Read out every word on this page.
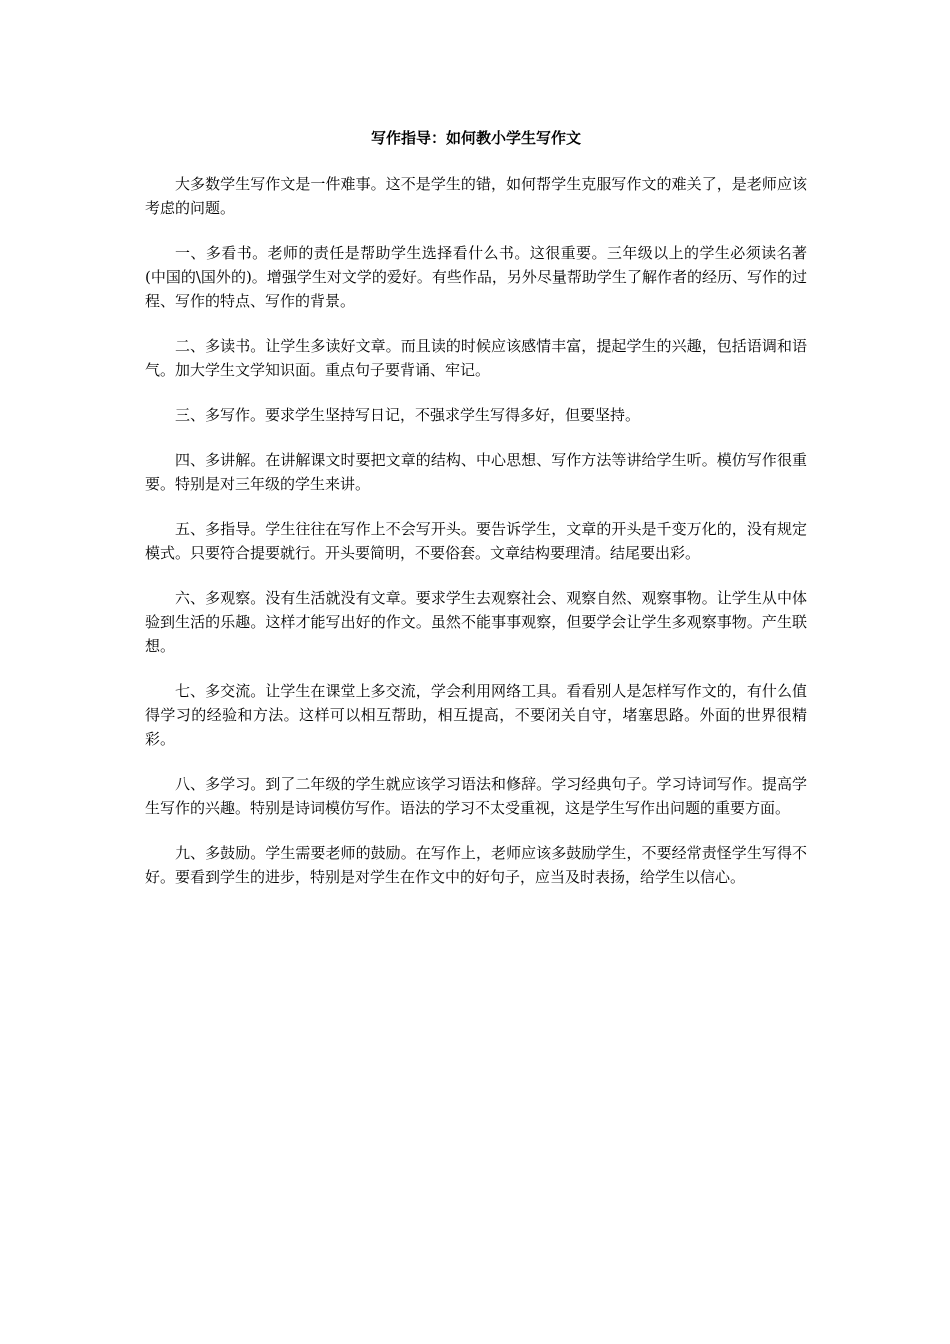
写作指导：如何教小学生写作文

大多数学生写作文是一件难事。这不是学生的错，如何帮学生克服写作文的难关了，是老师应该考虑的问题。

一、多看书。老师的责任是帮助学生选择看什么书。这很重要。三年级以上的学生必须读名著(中国的\国外的)。增强学生对文学的爱好。有些作品，另外尽量帮助学生了解作者的经历、写作的过程、写作的特点、写作的背景。

二、多读书。让学生多读好文章。而且读的时候应该感情丰富，提起学生的兴趣，包括语调和语气。加大学生文学知识面。重点句子要背诵、牢记。

三、多写作。要求学生坚持写日记，不强求学生写得多好，但要坚持。

四、多讲解。在讲解课文时要把文章的结构、中心思想、写作方法等讲给学生听。模仿写作很重要。特别是对三年级的学生来讲。

五、多指导。学生往往在写作上不会写开头。要告诉学生，文章的开头是千变万化的，没有规定模式。只要符合提要就行。开头要简明，不要俗套。文章结构要理清。结尾要出彩。

六、多观察。没有生活就没有文章。要求学生去观察社会、观察自然、观察事物。让学生从中体验到生活的乐趣。这样才能写出好的作文。虽然不能事事观察，但要学会让学生多观察事物。产生联想。

七、多交流。让学生在课堂上多交流，学会利用网络工具。看看别人是怎样写作文的，有什么值得学习的经验和方法。这样可以相互帮助，相互提高，不要闭关自守，堵塞思路。外面的世界很精彩。

八、多学习。到了二年级的学生就应该学习语法和修辞。学习经典句子。学习诗词写作。提高学生写作的兴趣。特别是诗词模仿写作。语法的学习不太受重视，这是学生写作出问题的重要方面。

九、多鼓励。学生需要老师的鼓励。在写作上，老师应该多鼓励学生，不要经常责怪学生写得不好。要看到学生的进步，特别是对学生在作文中的好句子，应当及时表扬，给学生以信心。
